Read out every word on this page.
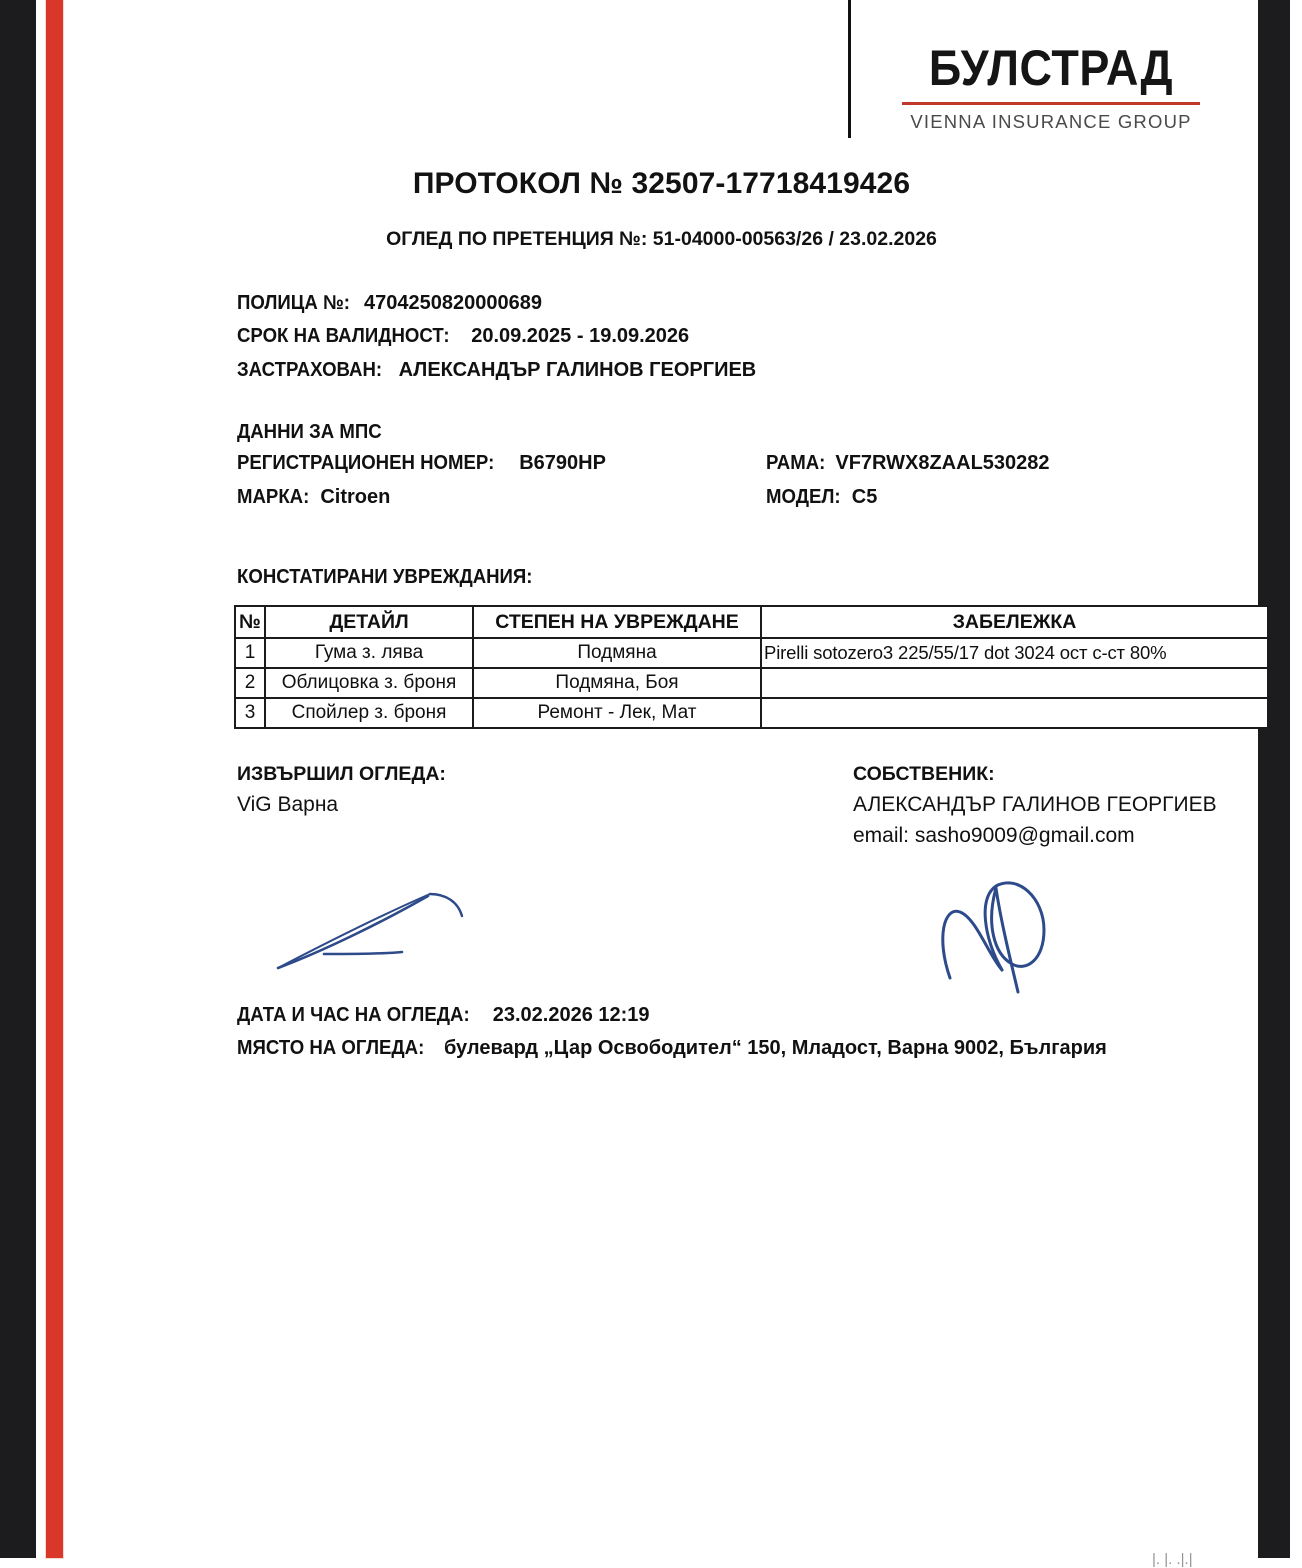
БУЛСТРАД
VIENNA INSURANCE GROUP
ПРОТОКОЛ № 32507-17718419426
ОГЛЕД ПО ПРЕТЕНЦИЯ №: 51-04000-00563/26 / 23.02.2026
ПОЛИЦА №: 4704250820000689
СРОК НА ВАЛИДНОСТ: 20.09.2025 - 19.09.2026
ЗАСТРАХОВАН: АЛЕКСАНДЪР ГАЛИНОВ ГЕОРГИЕВ
ДАННИ ЗА МПС
РЕГИСТРАЦИОНЕН НОМЕР: B6790HP	РАМА: VF7RWX8ZAAL530282
МАРКА: Citroen	МОДЕЛ: C5
КОНСТАТИРАНИ УВРЕЖДАНИЯ:
№	ДЕТАЙЛ	СТЕПЕН НА УВРЕЖДАНЕ	ЗАБЕЛЕЖКА
1	Гума з. лява	Подмяна	Pirelli sotozero3 225/55/17 dot 3024 ост с-ст 80%
2	Облицовка з. броня	Подмяна, Боя	
3	Спойлер з. броня	Ремонт - Лек, Мат	
ИЗВЪРШИЛ ОГЛЕДА:
ViG Варна
СОБСТВЕНИК:
АЛЕКСАНДЪР ГАЛИНОВ ГЕОРГИЕВ
email: sasho9009@gmail.com
ДАТА И ЧАС НА ОГЛЕДА: 23.02.2026 12:19
МЯСТО НА ОГЛЕДА: булевард „Цар Освободител“ 150, Младост, Варна 9002, България
|. |. .|.|
